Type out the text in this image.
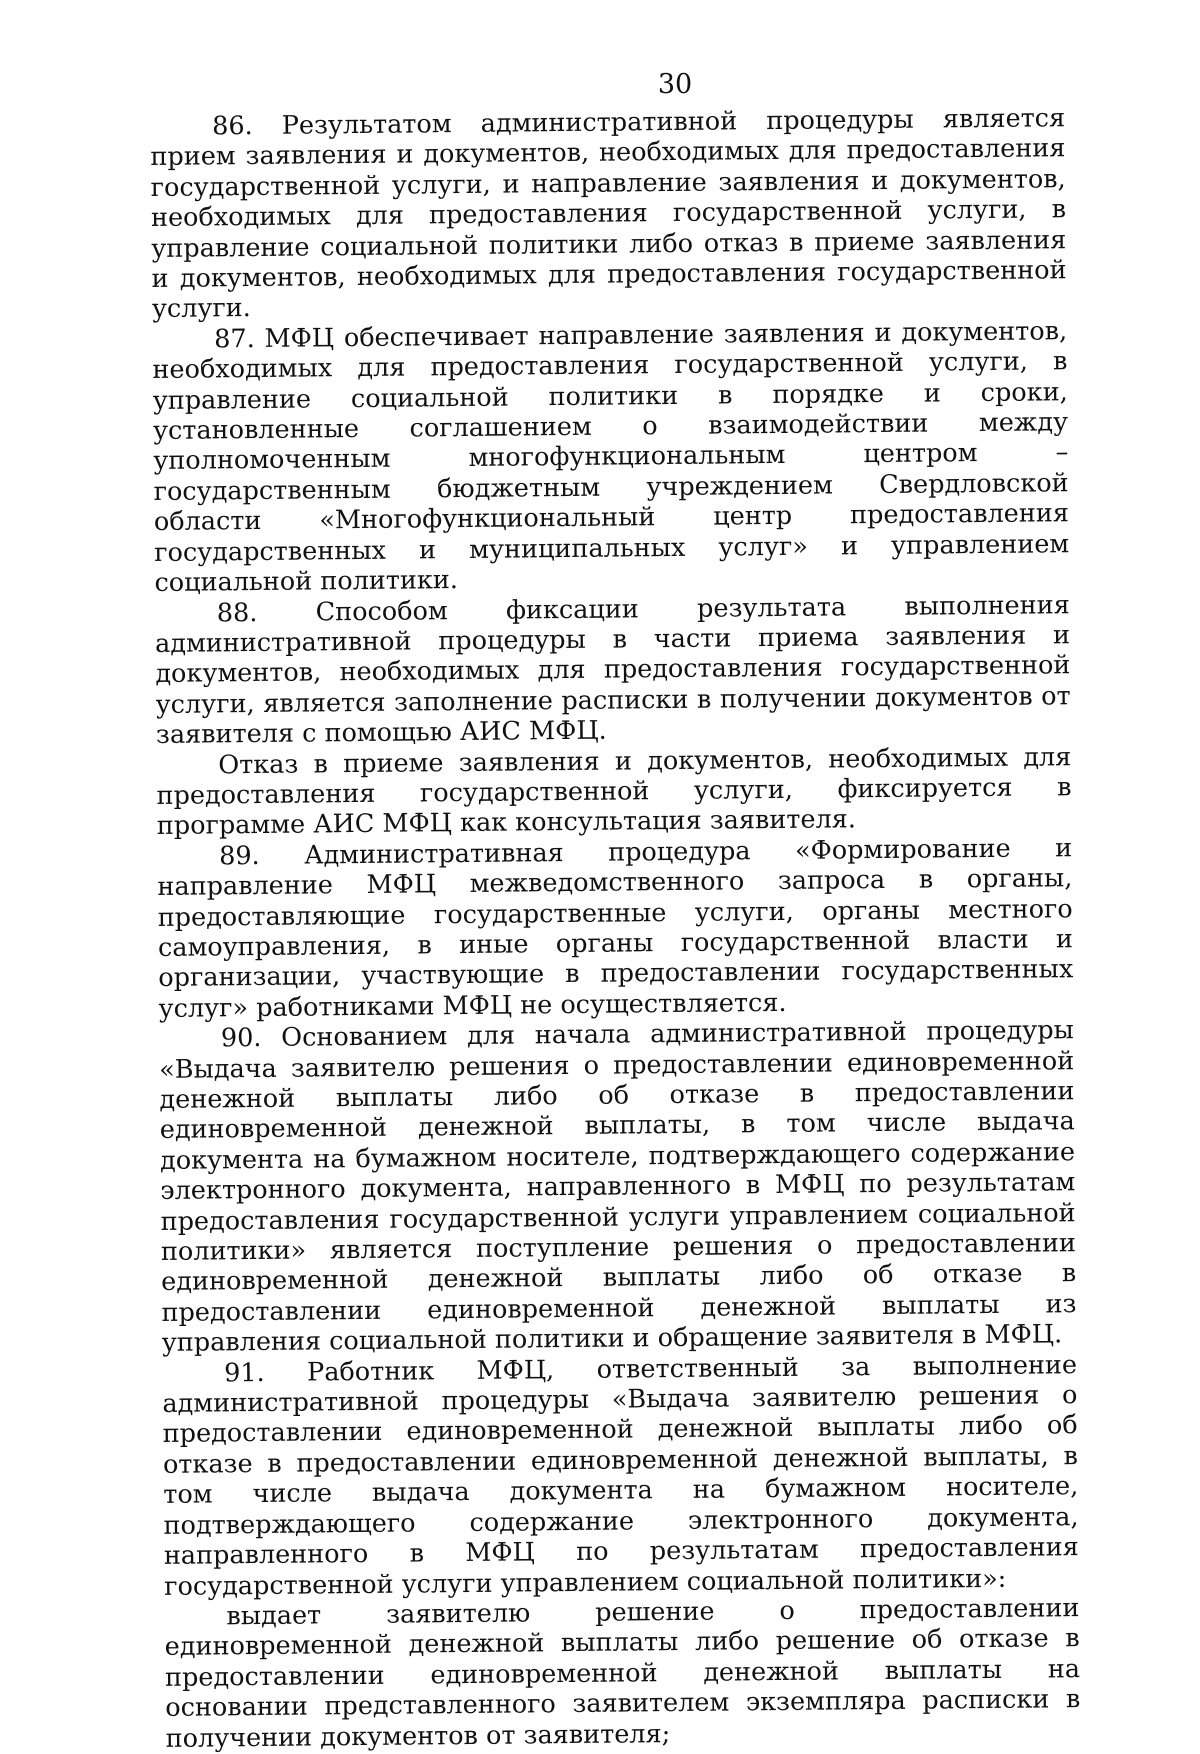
30

86. Результатом административной процедуры является прием заявления и документов, необходимых для предоставления государственной услуги, и направление заявления и документов, необходимых для предоставления государственной услуги, в управление социальной политики либо отказ в приеме заявления и документов, необходимых для предоставления государственной услуги.

87. МФЦ обеспечивает направление заявления и документов, необходимых для предоставления государственной услуги, в управление социальной политики в порядке и сроки, установленные соглашением о взаимодействии между уполномоченным многофункциональным центром – государственным бюджетным учреждением Свердловской области «Многофункциональный центр предоставления государственных и муниципальных услуг» и управлением социальной политики.

88. Способом фиксации результата выполнения административной процедуры в части приема заявления и документов, необходимых для предоставления государственной услуги, является заполнение расписки в получении документов от заявителя с помощью АИС МФЦ.

Отказ в приеме заявления и документов, необходимых для предоставления государственной услуги, фиксируется в программе АИС МФЦ как консультация заявителя.

89. Административная процедура «Формирование и направление МФЦ межведомственного запроса в органы, предоставляющие государственные услуги, органы местного самоуправления, в иные органы государственной власти и организации, участвующие в предоставлении государственных услуг» работниками МФЦ не осуществляется.

90. Основанием для начала административной процедуры «Выдача заявителю решения о предоставлении единовременной денежной выплаты либо об отказе в предоставлении единовременной денежной выплаты, в том числе выдача документа на бумажном носителе, подтверждающего содержание электронного документа, направленного в МФЦ по результатам предоставления государственной услуги управлением социальной политики» является поступление решения о предоставлении единовременной денежной выплаты либо об отказе в предоставлении единовременной денежной выплаты из управления социальной политики и обращение заявителя в МФЦ.

91. Работник МФЦ, ответственный за выполнение административной процедуры «Выдача заявителю решения о предоставлении единовременной денежной выплаты либо об отказе в предоставлении единовременной денежной выплаты, в том числе выдача документа на бумажном носителе, подтверждающего содержание электронного документа, направленного в МФЦ по результатам предоставления государственной услуги управлением социальной политики»:

выдает заявителю решение о предоставлении единовременной денежной выплаты либо решение об отказе в предоставлении единовременной денежной выплаты на основании представленного заявителем экземпляра расписки в получении документов от заявителя;
